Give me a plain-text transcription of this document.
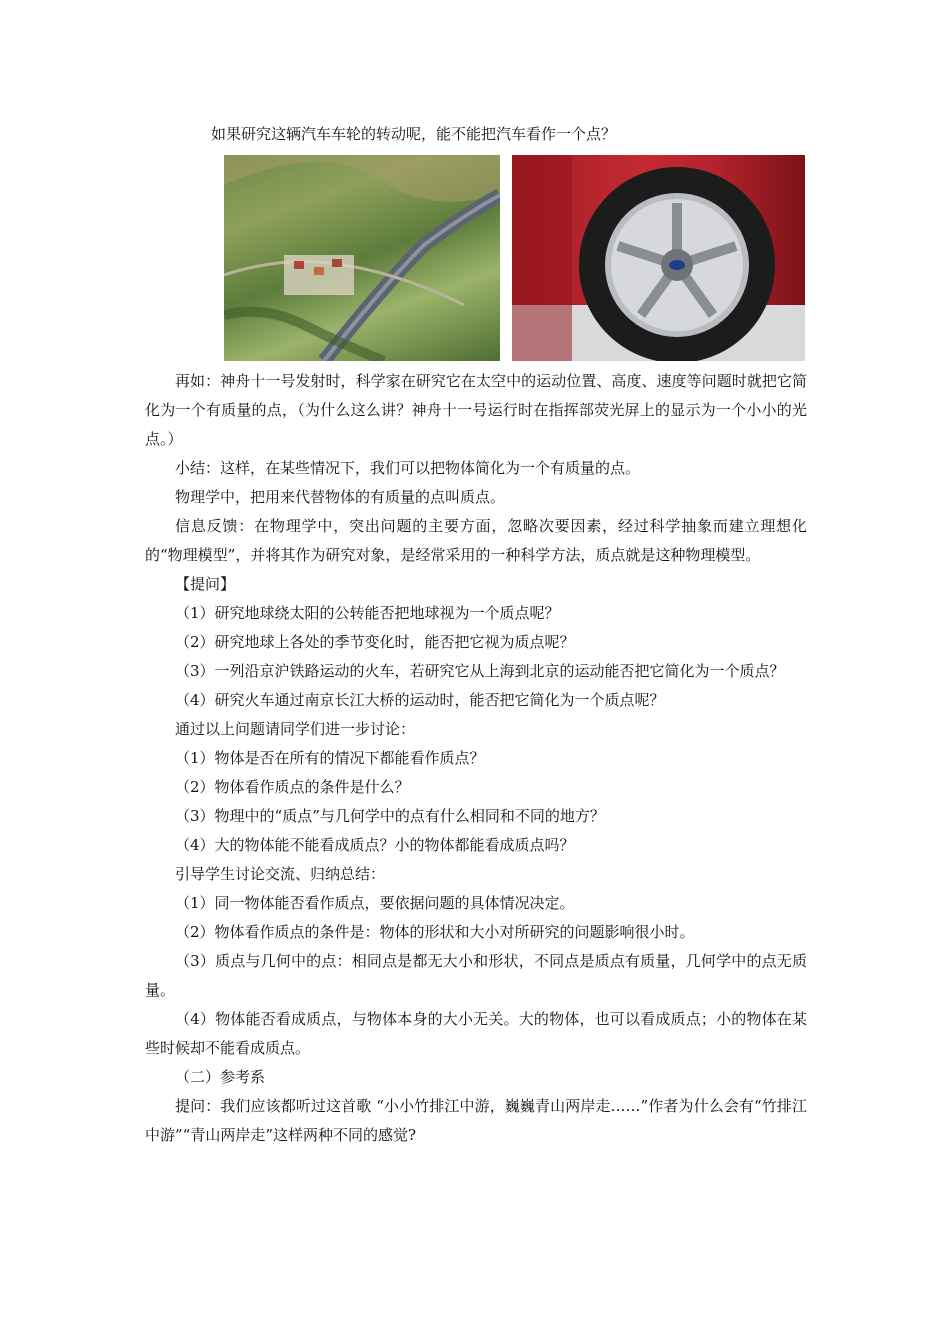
如果研究这辆汽车车轮的转动呢，能不能把汽车看作一个点？

再如：神舟十一号发射时，科学家在研究它在太空中的运动位置、高度、速度等问题时就把它简化为一个有质量的点，（为什么这么讲？神舟十一号运行时在指挥部荧光屏上的显示为一个小小的光点。）

小结：这样，在某些情况下，我们可以把物体简化为一个有质量的点。

物理学中，把用来代替物体的有质量的点叫质点。

信息反馈：在物理学中，突出问题的主要方面，忽略次要因素，经过科学抽象而建立理想化的“物理模型”，并将其作为研究对象，是经常采用的一种科学方法，质点就是这种物理模型。

【提问】

（1）研究地球绕太阳的公转能否把地球视为一个质点呢？

（2）研究地球上各处的季节变化时，能否把它视为质点呢？

（3）一列沿京沪铁路运动的火车，若研究它从上海到北京的运动能否把它简化为一个质点？

（4）研究火车通过南京长江大桥的运动时，能否把它简化为一个质点呢？

通过以上问题请同学们进一步讨论：

（1）物体是否在所有的情况下都能看作质点？

（2）物体看作质点的条件是什么？

（3）物理中的“质点”与几何学中的点有什么相同和不同的地方？

（4）大的物体能不能看成质点？小的物体都能看成质点吗？

引导学生讨论交流、归纳总结：

（1）同一物体能否看作质点，要依据问题的具体情况决定。

（2）物体看作质点的条件是：物体的形状和大小对所研究的问题影响很小时。

（3）质点与几何中的点：相同点是都无大小和形状，不同点是质点有质量，几何学中的点无质量。

（4）物体能否看成质点，与物体本身的大小无关。大的物体，也可以看成质点；小的物体在某些时候却不能看成质点。

（二）参考系

提问：我们应该都听过这首歌 “小小竹排江中游，巍巍青山两岸走……”作者为什么会有“竹排江中游”“青山两岸走”这样两种不同的感觉?
